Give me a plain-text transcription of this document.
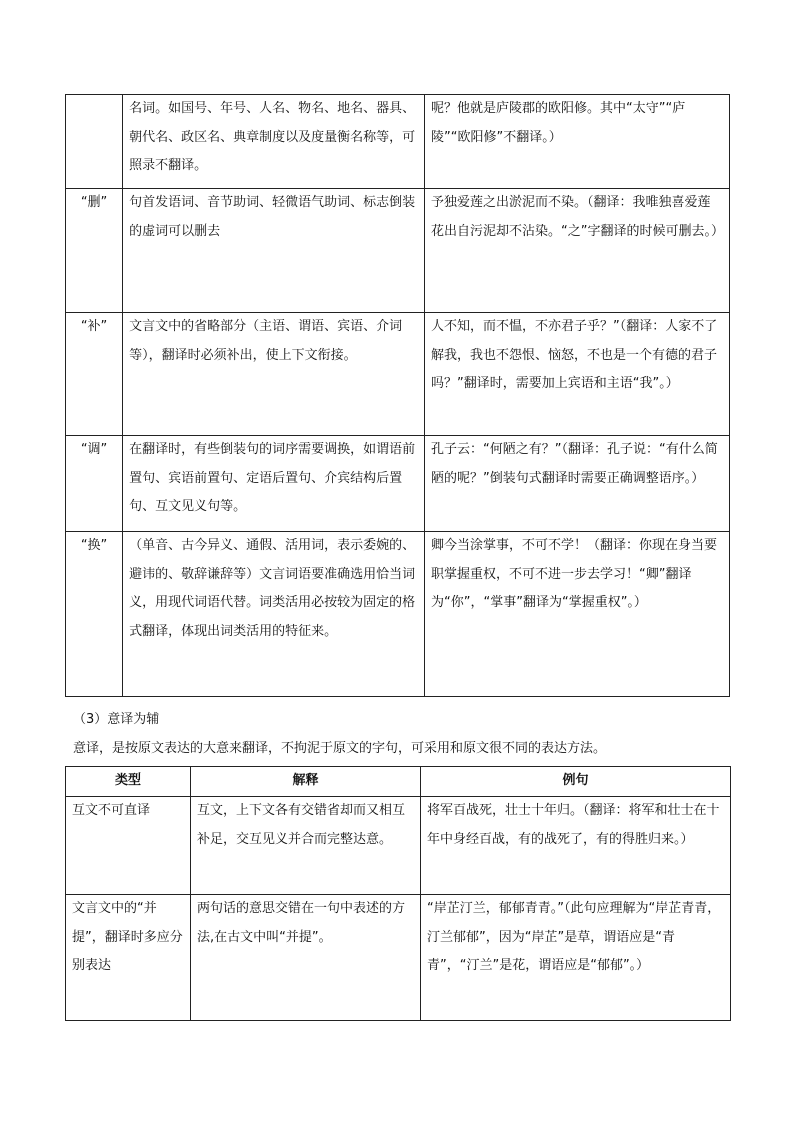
	名词。如国号、年号、人名、物名、地名、器具、朝代名、政区名、典章制度以及度量衡名称等，可照录不翻译。	呢？他就是庐陵郡的欧阳修。其中“太守”“庐陵”“欧阳修”不翻译。）
“删”	句首发语词、音节助词、轻微语气助词、标志倒装的虚词可以删去	予独爱莲之出淤泥而不染。（翻译：我唯独喜爱莲花出自污泥却不沾染。“之”字翻译的时候可删去。）
“补”	文言文中的省略部分（主语、谓语、宾语、介词等），翻译时必须补出，使上下文衔接。	人不知，而不愠，不亦君子乎？”（翻译：人家不了解我，我也不怨恨、恼怒，不也是一个有德的君子吗？”翻译时，需要加上宾语和主语“我”。）
“调”	在翻译时，有些倒装句的词序需要调换，如谓语前置句、宾语前置句、定语后置句、介宾结构后置句、互文见义句等。	孔子云：“何陋之有？”（翻译：孔子说：“有什么简陋的呢？”倒装句式翻译时需要正确调整语序。）
“换”	（单音、古今异义、通假、活用词，表示委婉的、避讳的、敬辞谦辞等）文言词语要准确选用恰当词义，用现代词语代替。词类活用必按较为固定的格式翻译，体现出词类活用的特征来。	卿今当涂掌事，不可不学！（翻译：你现在身当要职掌握重权，不可不进一步去学习！“卿”翻译为“你”，“掌事”翻译为“掌握重权”。）

（3）意译为辅

意译，是按原文表达的大意来翻译，不拘泥于原文的字句，可采用和原文很不同的表达方法。

类型	解释	例句
互文不可直译	互文，上下文各有交错省却而又相互补足，交互见义并合而完整达意。	将军百战死，壮士十年归。（翻译：将军和壮士在十年中身经百战，有的战死了，有的得胜归来。）
文言文中的“并提”，翻译时多应分别表达	两句话的意思交错在一句中表述的方法,在古文中叫“并提”。	“岸芷汀兰，郁郁青青。”（此句应理解为“岸芷青青，汀兰郁郁”，因为“岸芷”是草，谓语应是“青青”，“汀兰”是花，谓语应是“郁郁”。）
